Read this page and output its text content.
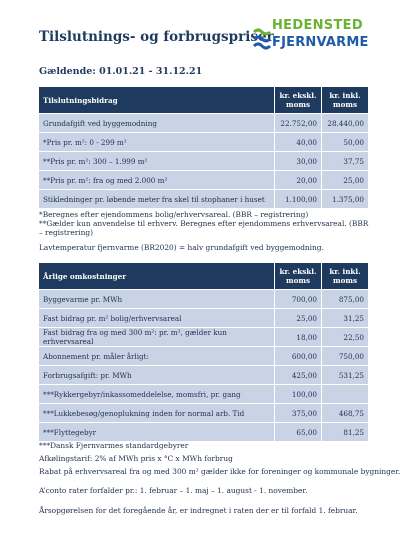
Tilslutnings- og forbrugspriser
HEDENSTED
FJERNVARME
Gældende: 01.01.21 - 31.12.21
Tilslutningsbidrag	kr. ekskl. moms	kr. inkl. moms
Grundafgift ved byggemodning	22.752,00	28.440,00
*Pris pr. m²: 0 - 299 m²	40,00	50,00
**Pris pr. m²: 300 – 1.999 m²	30,00	37,75
**Pris pr. m²: fra og med 2.000 m²	20,00	25,00
Stikledninger pr. løbende meter fra skel til stophaner i huset	1.100,00	1.375,00
*Beregnes efter ejendommens bolig/erhvervsareal. (BBR – registrering)
**Gælder kun anvendelse til erhverv. Beregnes efter ejendommens erhvervsareal. (BBR – registrering)
Lavtemperatur fjernvarme (BR2020) = halv grundafgift ved byggemodning.
Årlige omkostninger	kr. ekskl. moms	kr. inkl. moms
Byggevarme pr. MWh	700,00	875,00
Fast bidrag pr. m² bolig/erhvervsareal	25,00	31,25
Fast bidrag fra og med 300 m²: pr. m², gælder kun erhvervsareal	18,00	22,50
Abonnement pr. måler årligt:	600,00	750,00
Forbrugsafgift: pr. MWh	425,00	531,25
***Rykkergebyr/inkassomeddelelse, momsfri, pr. gang	100,00	
***Lukkebesøg/genoplukning inden for normal arb. Tid	375,00	468,75
***Flyttegebyr	65,00	81,25
***Dansk Fjernvarmes standardgebyrer
Afkølingstarif: 2% af MWh pris x °C x MWh forbrug
Rabat på erhvervsareal fra og med 300 m² gælder ikke for foreninger og kommunale bygninger.
A’conto rater forfalder pr.: 1. februar – 1. maj – 1. august - 1. november.
Årsopgørelsen for det foregående år, er indregnet i raten der er til forfald 1. februar.
